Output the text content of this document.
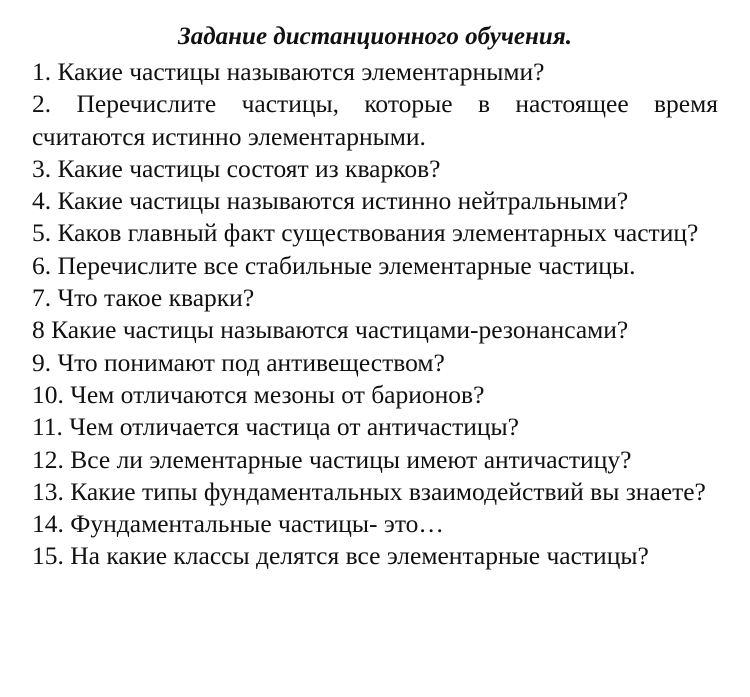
Задание дистанционного обучения.

1. Какие частицы называются элементарными?

2. Перечислите частицы, которые в настоящее время считаются истинно элементарными.

3. Какие частицы состоят из кварков?

4. Какие частицы называются истинно нейтральными?

5. Каков главный факт существования элементарных частиц?

6. Перечислите все стабильные элементарные частицы.

7. Что такое кварки?

8 Какие частицы называются частицами-резонансами?

9. Что понимают под антивеществом?

10. Чем отличаются мезоны от барионов?

11. Чем отличается частица от античастицы?

12. Все ли элементарные частицы имеют античастицу?

13. Какие типы фундаментальных взаимодействий вы знаете?

14. Фундаментальные частицы- это…

15. На какие классы делятся все элементарные частицы?
